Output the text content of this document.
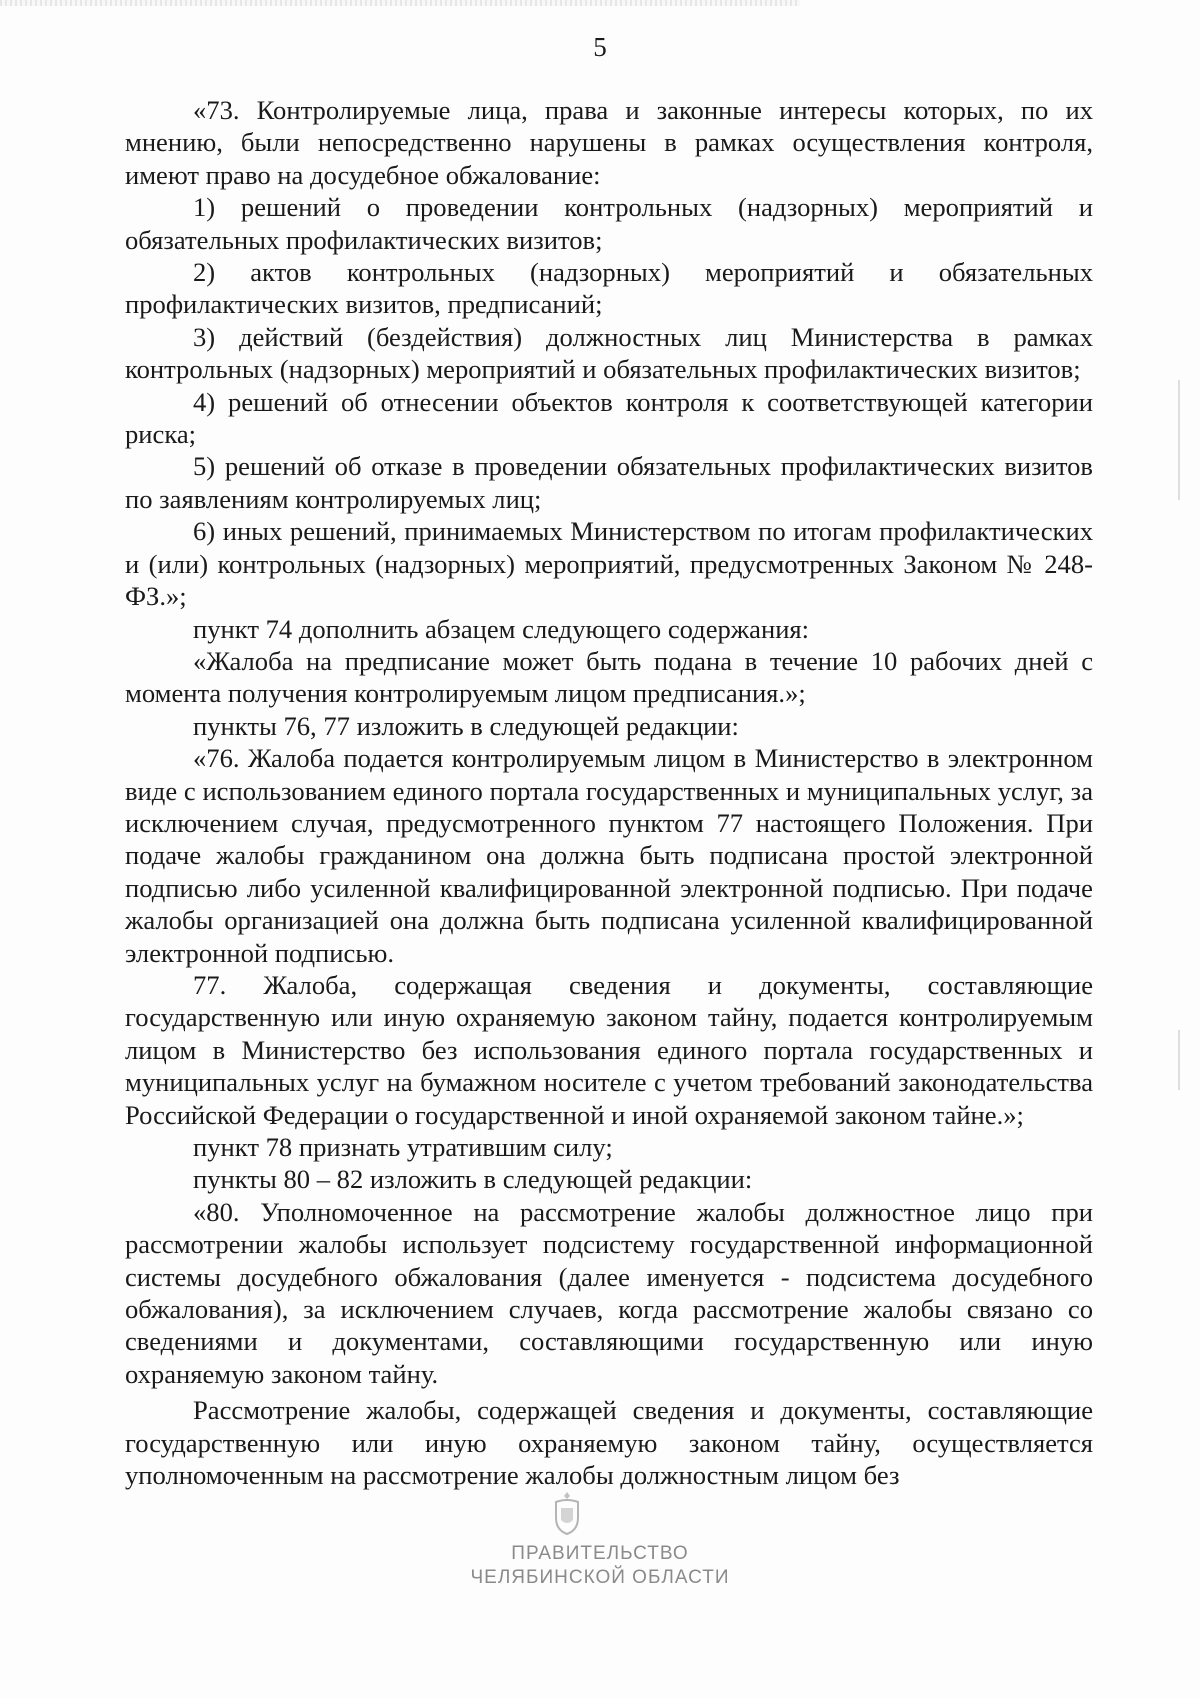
5

«73. Контролируемые лица, права и законные интересы которых, по их мнению, были непосредственно нарушены в рамках осуществления контроля, имеют право на досудебное обжалование:

1) решений о проведении контрольных (надзорных) мероприятий и обязательных профилактических визитов;

2) актов контрольных (надзорных) мероприятий и обязательных профилактических визитов, предписаний;

3) действий (бездействия) должностных лиц Министерства в рамках контрольных (надзорных) мероприятий и обязательных профилактических визитов;

4) решений об отнесении объектов контроля к соответствующей категории риска;

5) решений об отказе в проведении обязательных профилактических визитов по заявлениям контролируемых лиц;

6) иных решений, принимаемых Министерством по итогам профилактических и (или) контрольных (надзорных) мероприятий, предусмотренных Законом № 248-ФЗ.»;

пункт 74 дополнить абзацем следующего содержания:

«Жалоба на предписание может быть подана в течение 10 рабочих дней с момента получения контролируемым лицом предписания.»;

пункты 76, 77 изложить в следующей редакции:

«76. Жалоба подается контролируемым лицом в Министерство в электронном виде с использованием единого портала государственных и муниципальных услуг, за исключением случая, предусмотренного пунктом 77 настоящего Положения. При подаче жалобы гражданином она должна быть подписана простой электронной подписью либо усиленной квалифицированной электронной подписью. При подаче жалобы организацией она должна быть подписана усиленной квалифицированной электронной подписью.

77. Жалоба, содержащая сведения и документы, составляющие государственную или иную охраняемую законом тайну, подается контролируемым лицом в Министерство без использования единого портала государственных и муниципальных услуг на бумажном носителе с учетом требований законодательства Российской Федерации о государственной и иной охраняемой законом тайне.»;

пункт 78 признать утратившим силу;

пункты 80 – 82 изложить в следующей редакции:

«80. Уполномоченное на рассмотрение жалобы должностное лицо при рассмотрении жалобы использует подсистему государственной информационной системы досудебного обжалования (далее именуется - подсистема досудебного обжалования), за исключением случаев, когда рассмотрение жалобы связано со сведениями и документами, составляющими государственную или иную охраняемую законом тайну.

Рассмотрение жалобы, содержащей сведения и документы, составляющие государственную или иную охраняемую законом тайну, осуществляется уполномоченным на рассмотрение жалобы должностным лицом без

ПРАВИТЕЛЬСТВО
ЧЕЛЯБИНСКОЙ ОБЛАСТИ
